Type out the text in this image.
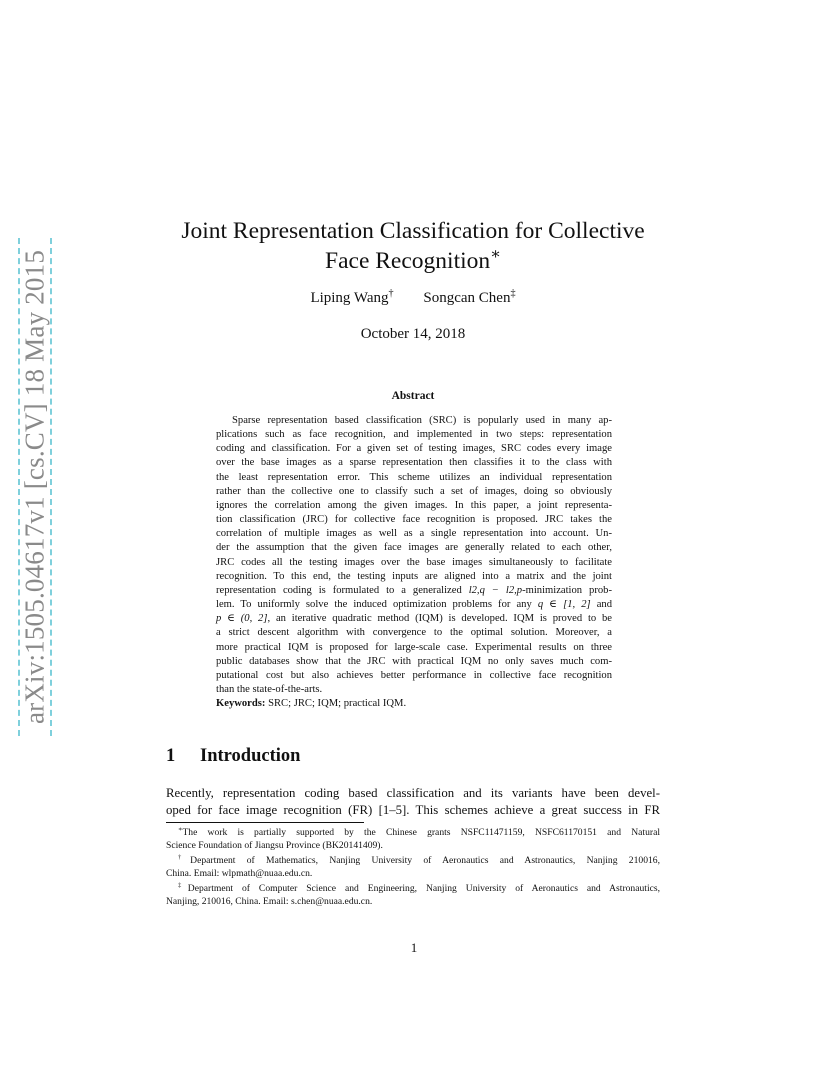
arXiv:1505.04617v1 [cs.CV] 18 May 2015
Joint Representation Classification for Collective
Face Recognition∗
Liping Wang† Songcan Chen‡
October 14, 2018
Abstract
Sparse representation based classification (SRC) is popularly used in many ap-
plications such as face recognition, and implemented in two steps: representation
coding and classification. For a given set of testing images, SRC codes every image
over the base images as a sparse representation then classifies it to the class with
the least representation error. This scheme utilizes an individual representation
rather than the collective one to classify such a set of images, doing so obviously
ignores the correlation among the given images. In this paper, a joint representa-
tion classification (JRC) for collective face recognition is proposed. JRC takes the
correlation of multiple images as well as a single representation into account. Un-
der the assumption that the given face images are generally related to each other,
JRC codes all the testing images over the base images simultaneously to facilitate
recognition. To this end, the testing inputs are aligned into a matrix and the joint
representation coding is formulated to a generalized l2,q − l2,p-minimization prob-
lem. To uniformly solve the induced optimization problems for any q ∈ [1, 2] and
p ∈ (0, 2], an iterative quadratic method (IQM) is developed. IQM is proved to be
a strict descent algorithm with convergence to the optimal solution. Moreover, a
more practical IQM is proposed for large-scale case. Experimental results on three
public databases show that the JRC with practical IQM no only saves much com-
putational cost but also achieves better performance in collective face recognition
than the state-of-the-arts.
Keywords: SRC; JRC; IQM; practical IQM.
1 Introduction
Recently, representation coding based classification and its variants have been devel-
oped for face image recognition (FR) [1–5]. This schemes achieve a great success in FR
∗The work is partially supported by the Chinese grants NSFC11471159, NSFC61170151 and Natural
Science Foundation of Jiangsu Province (BK20141409).
†Department of Mathematics, Nanjing University of Aeronautics and Astronautics, Nanjing 210016,
China. Email: wlpmath@nuaa.edu.cn.
‡Department of Computer Science and Engineering, Nanjing University of Aeronautics and Astronautics,
Nanjing, 210016, China. Email: s.chen@nuaa.edu.cn.
1
